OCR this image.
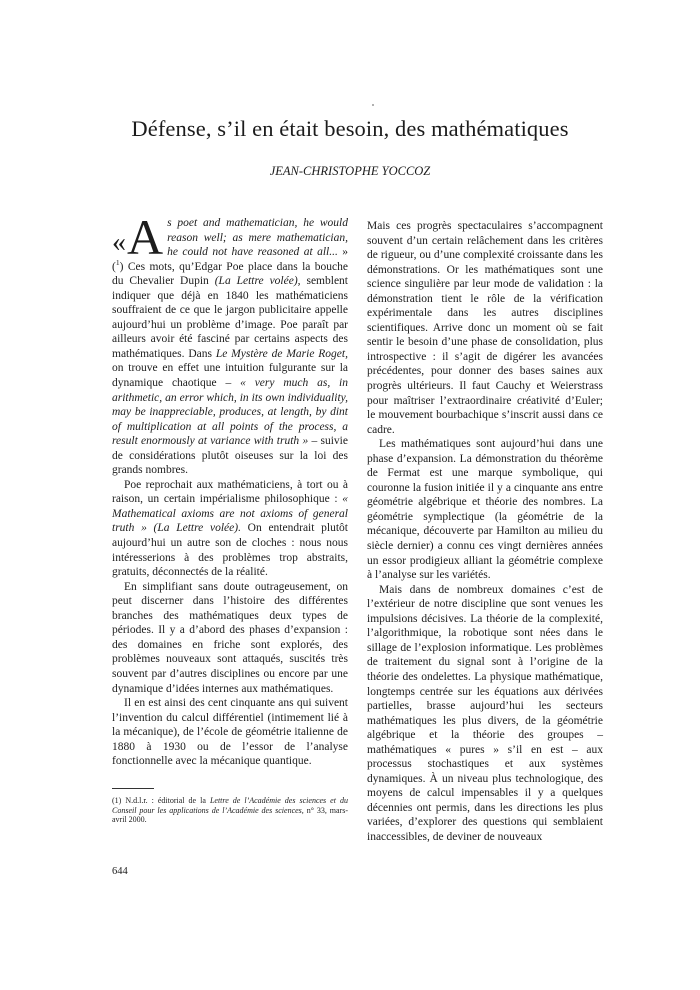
Défense, s’il en était besoin, des mathématiques

JEAN-CHRISTOPHE YOCCOZ

« A s poet and mathematician, he would reason well; as mere mathematician, he could not have reasoned at all... » ($^1$) Ces mots, qu’Edgar Poe place dans la bouche du Chevalier Dupin (La Lettre volée), semblent indiquer que déjà en 1840 les mathématiciens souffraient de ce que le jargon publicitaire appelle aujourd’hui un problème d’image. Poe paraît par ailleurs avoir été fasciné par certains aspects des mathématiques. Dans Le Mystère de Marie Roget, on trouve en effet une intuition fulgurante sur la dynamique chaotique – « very much as, in arithmetic, an error which, in its own individuality, may be inappreciable, produces, at length, by dint of multiplication at all points of the process, a result enormously at variance with truth » – suivie de considérations plutôt oiseuses sur la loi des grands nombres.

Poe reprochait aux mathématiciens, à tort ou à raison, un certain impérialisme philosophique : « Mathematical axioms are not axioms of general truth » (La Lettre volée). On entendrait plutôt aujourd’hui un autre son de cloches : nous nous intéresserions à des problèmes trop abstraits, gratuits, déconnectés de la réalité.

En simplifiant sans doute outrageusement, on peut discerner dans l’histoire des différentes branches des mathématiques deux types de périodes. Il y a d’abord des phases d’expansion : des domaines en friche sont explorés, des problèmes nouveaux sont attaqués, suscités très souvent par d’autres disciplines ou encore par une dynamique d’idées internes aux mathématiques.

Il en est ainsi des cent cinquante ans qui suivent l’invention du calcul différentiel (intimement lié à la mécanique), de l’école de géométrie italienne de 1880 à 1930 ou de l’essor de l’analyse fonctionnelle avec la mécanique quantique.

Mais ces progrès spectaculaires s’accompagnent souvent d’un certain relâchement dans les critères de rigueur, ou d’une complexité croissante dans les démonstrations. Or les mathématiques sont une science singulière par leur mode de validation : la démonstration tient le rôle de la vérification expérimentale dans les autres disciplines scientifiques. Arrive donc un moment où se fait sentir le besoin d’une phase de consolidation, plus introspective : il s’agit de digérer les avancées précédentes, pour donner des bases saines aux progrès ultérieurs. Il faut Cauchy et Weierstrass pour maîtriser l’extraordinaire créativité d’Euler; le mouvement bourbachique s’inscrit aussi dans ce cadre.

Les mathématiques sont aujourd’hui dans une phase d’expansion. La démonstration du théorème de Fermat est une marque symbolique, qui couronne la fusion initiée il y a cinquante ans entre géométrie algébrique et théorie des nombres. La géométrie symplectique (la géométrie de la mécanique, découverte par Hamilton au milieu du siècle dernier) a connu ces vingt dernières années un essor prodigieux alliant la géométrie complexe à l’analyse sur les variétés.

Mais dans de nombreux domaines c’est de l’extérieur de notre discipline que sont venues les impulsions décisives. La théorie de la complexité, l’algorithmique, la robotique sont nées dans le sillage de l’explosion informatique. Les problèmes de traitement du signal sont à l’origine de la théorie des ondelettes. La physique mathématique, longtemps centrée sur les équations aux dérivées partielles, brasse aujourd’hui les secteurs mathématiques les plus divers, de la géométrie algébrique et la théorie des groupes – mathématiques « pures » s’il en est – aux processus stochastiques et aux systèmes dynamiques. À un niveau plus technologique, des moyens de calcul impensables il y a quelques décennies ont permis, dans les directions les plus variées, d’explorer des questions qui semblaient inaccessibles, de deviner de nouveaux

(1) N.d.l.r. : éditorial de la Lettre de l’Académie des sciences et du Conseil pour les applications de l’Académie des sciences, n° 33, mars-avril 2000.

644
